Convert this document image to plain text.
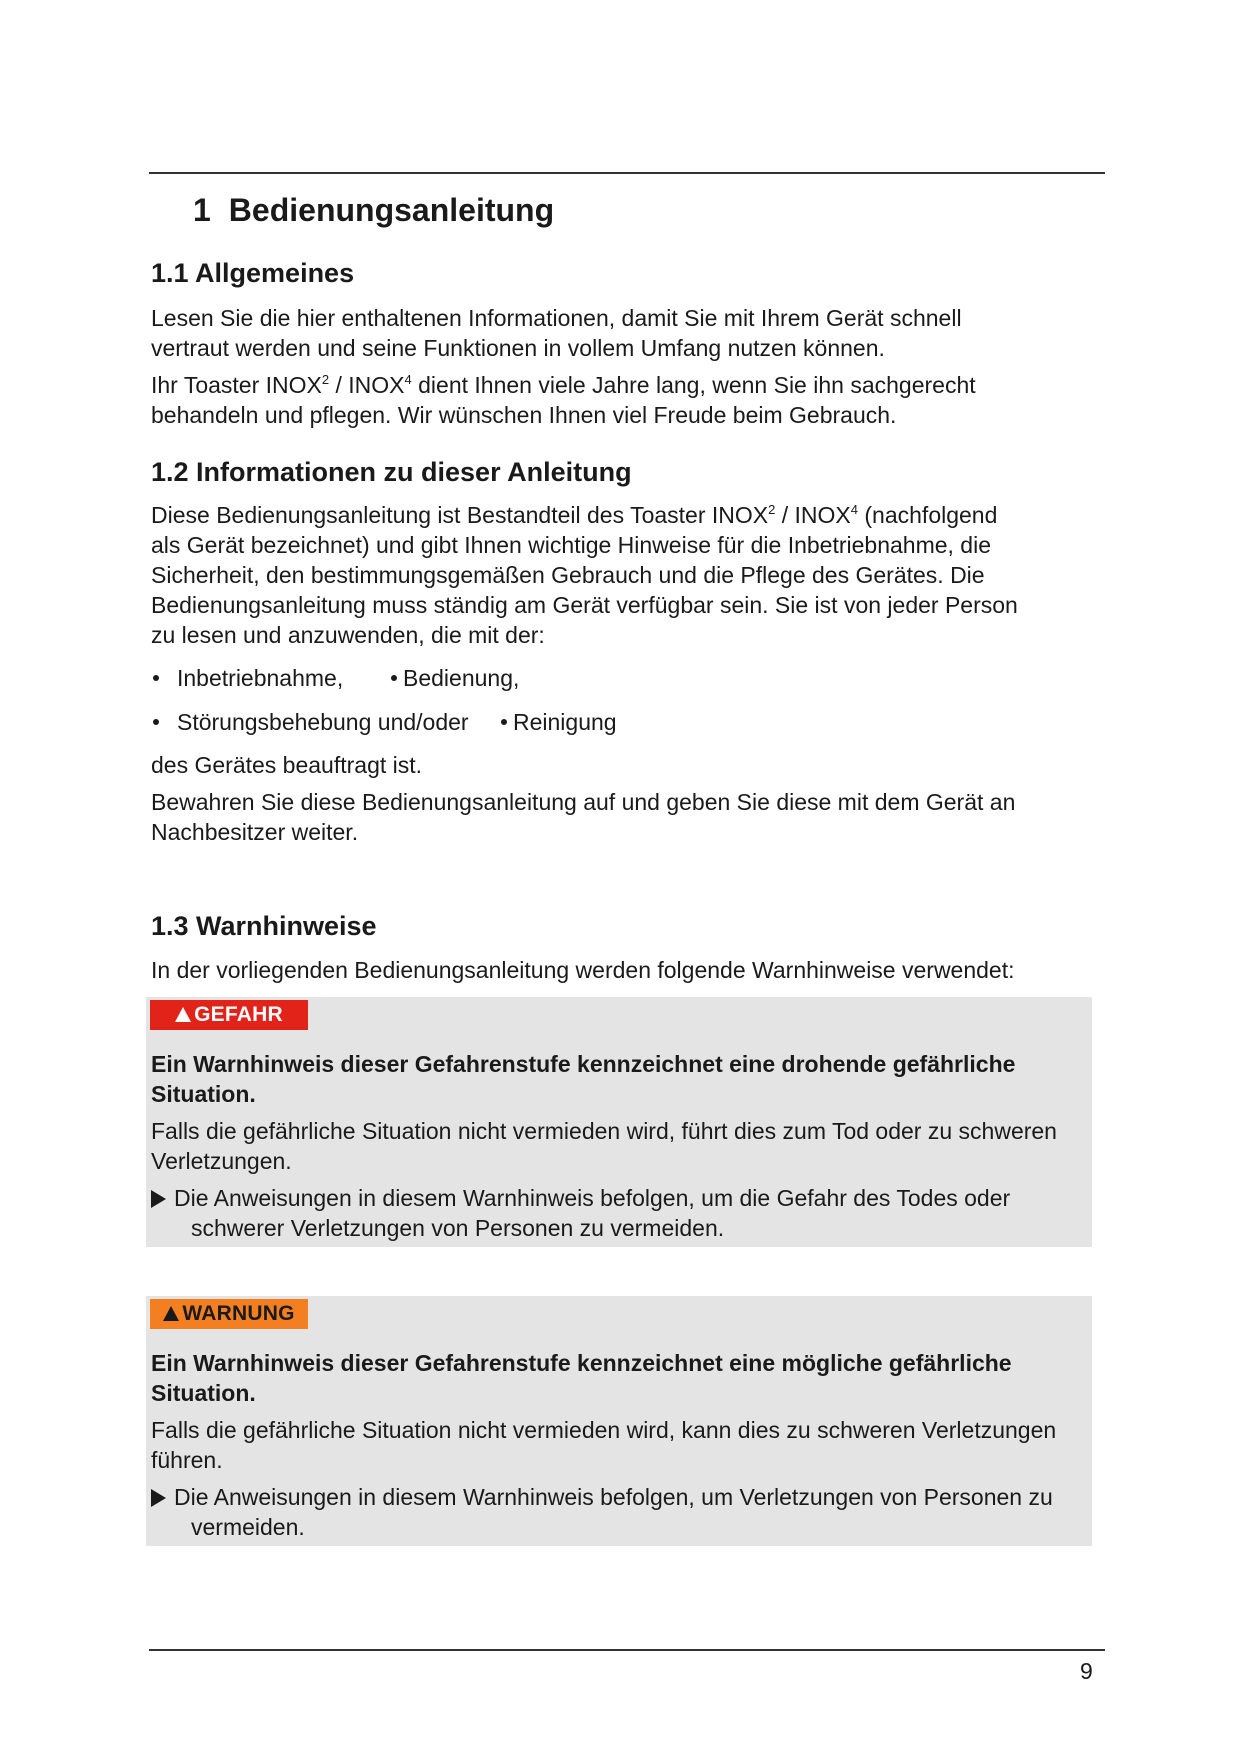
1 Bedienungsanleitung
1.1 Allgemeines
Lesen Sie die hier enthaltenen Informationen, damit Sie mit Ihrem Gerät schnell
vertraut werden und seine Funktionen in vollem Umfang nutzen können.
Ihr Toaster INOX$^2$ / INOX$^4$ dient Ihnen viele Jahre lang, wenn Sie ihn sachgerecht
behandeln und pflegen. Wir wünschen Ihnen viel Freude beim Gebrauch.
1.2 Informationen zu dieser Anleitung
Diese Bedienungsanleitung ist Bestandteil des Toaster INOX$^2$ / INOX$^4$ (nachfolgend
als Gerät bezeichnet) und gibt Ihnen wichtige Hinweise für die Inbetriebnahme, die
Sicherheit, den bestimmungsgemäßen Gebrauch und die Pflege des Gerätes. Die
Bedienungsanleitung muss ständig am Gerät verfügbar sein. Sie ist von jeder Person
zu lesen und anzuwenden, die mit der:
Inbetriebnahme,	Bedienung,
Störungsbehebung und/oder	Reinigung
des Gerätes beauftragt ist.
Bewahren Sie diese Bedienungsanleitung auf und geben Sie diese mit dem Gerät an
Nachbesitzer weiter.
1.3 Warnhinweise
In der vorliegenden Bedienungsanleitung werden folgende Warnhinweise verwendet:
GEFAHR
Ein Warnhinweis dieser Gefahrenstufe kennzeichnet eine drohende gefährliche
Situation.
Falls die gefährliche Situation nicht vermieden wird, führt dies zum Tod oder zu schweren
Verletzungen.
Die Anweisungen in diesem Warnhinweis befolgen, um die Gefahr des Todes oder
schwerer Verletzungen von Personen zu vermeiden.
WARNUNG
Ein Warnhinweis dieser Gefahrenstufe kennzeichnet eine mögliche gefährliche
Situation.
Falls die gefährliche Situation nicht vermieden wird, kann dies zu schweren Verletzungen
führen.
Die Anweisungen in diesem Warnhinweis befolgen, um Verletzungen von Personen zu
vermeiden.
9
